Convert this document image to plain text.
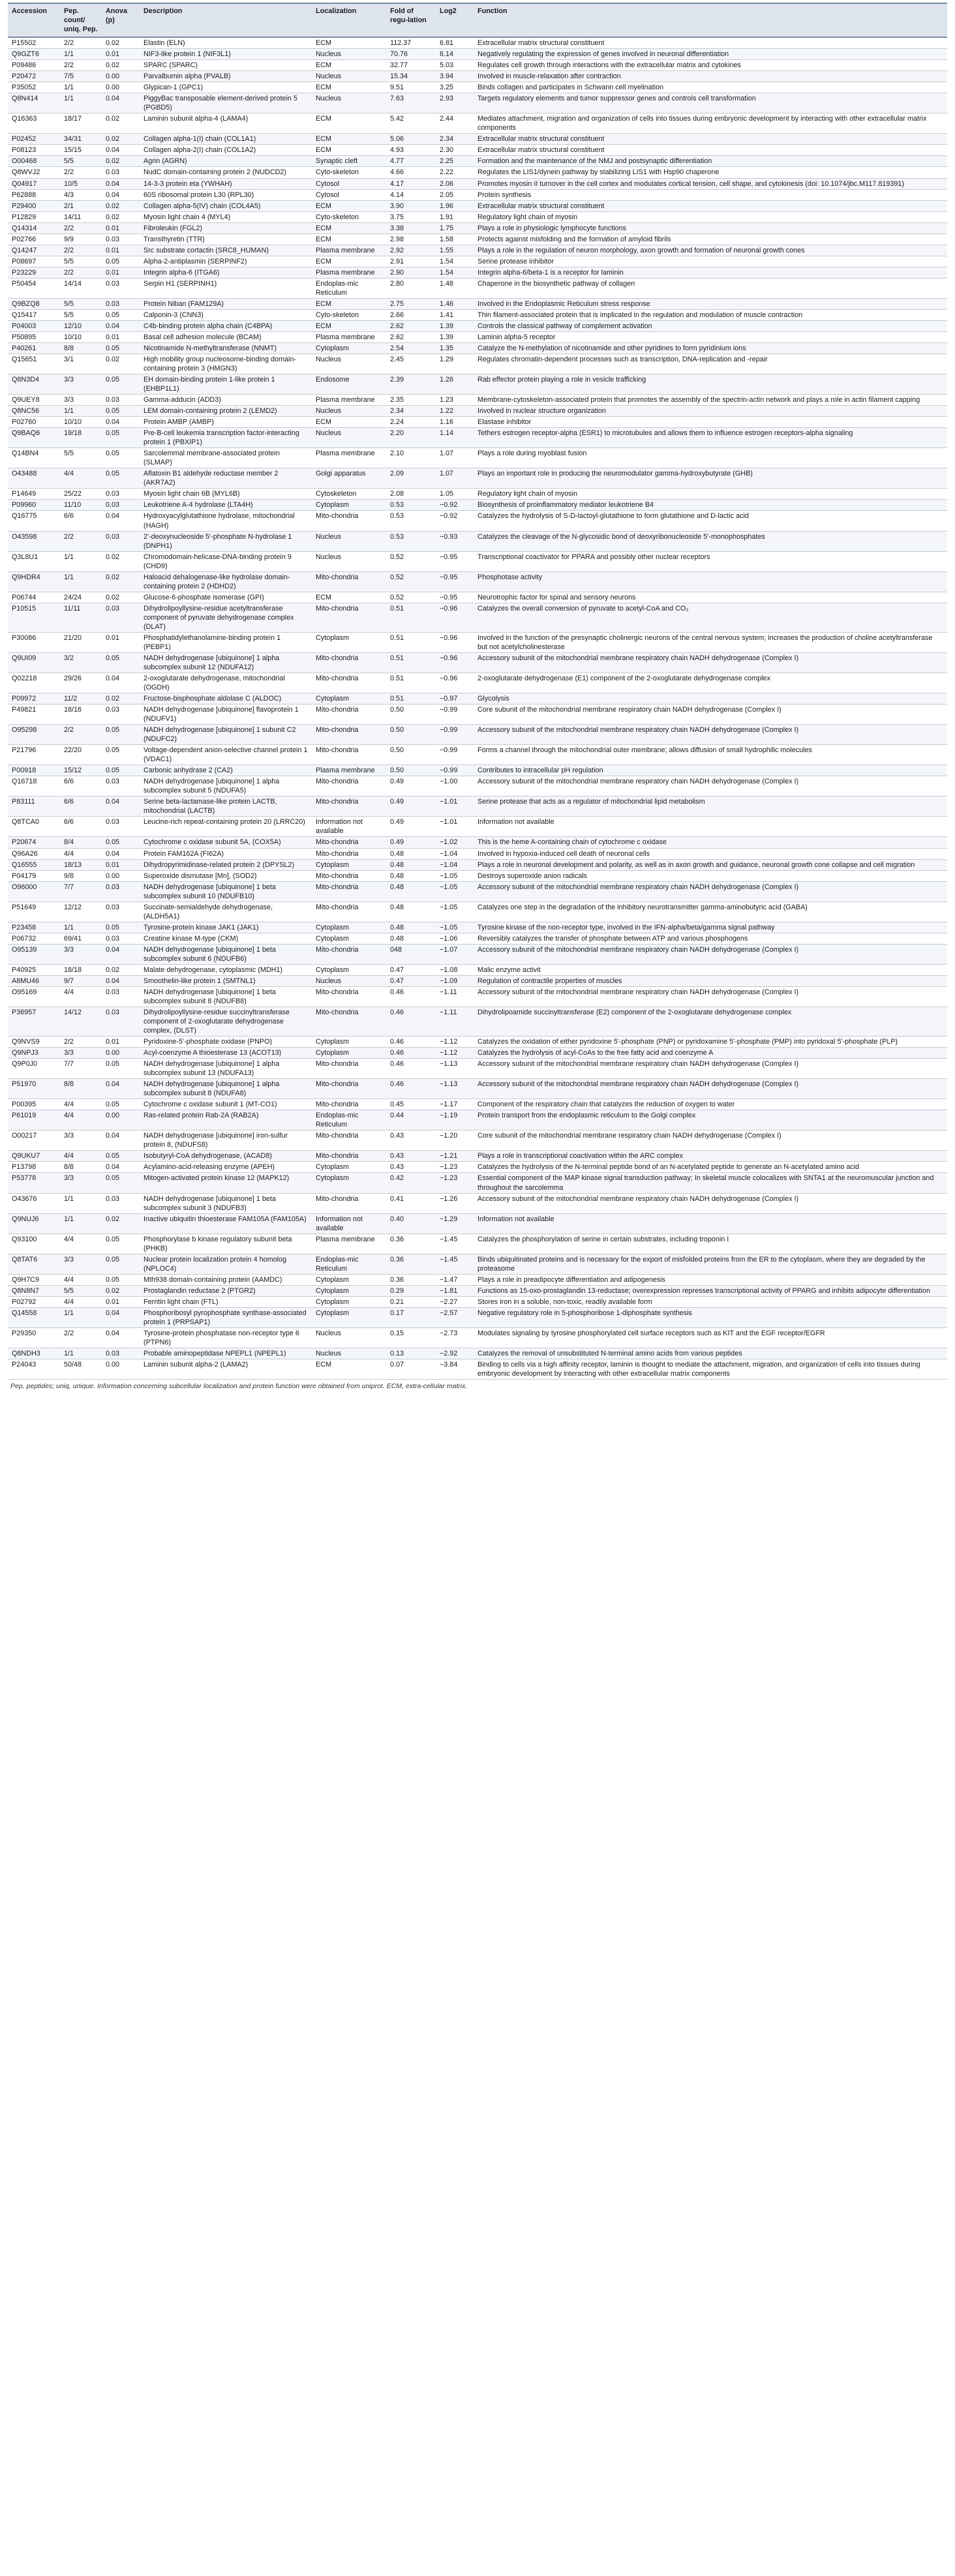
Accession	Pep. count/ uniq. Pep.	Anova (p)	Description	Localization	Fold of regu-lation	Log2	Function
P15502	2/2	0.02	Elastin (ELN)	ECM	112.37	6.81	Extracellular matrix structural constituent
Q9GZT6	1/1	0.01	NIF3-like protein 1 (NIF3L1)	Nucleus	70.76	6.14	Negatively regulating the expression of genes involved in neuronal differentiation
P09486	2/2	0.02	SPARC (SPARC)	ECM	32.77	5.03	Regulates cell growth through interactions with the extracellular matrix and cytokines
P20472	7/5	0.00	Parvalbumin alpha (PVALB)	Nucleus	15.34	3.94	Involved in muscle-relaxation after contraction
P35052	1/1	0.00	Glypican-1 (GPC1)	ECM	9.51	3.25	Binds collagen and participates in Schwann cell myelination
Q8N414	1/1	0.04	PiggyBac transposable element-derived protein 5 (PGBD5)	Nucleus	7.63	2.93	Targets regulatory elements and tumor suppressor genes and controls cell transformation
Q16363	18/17	0.02	Laminin subunit alpha-4 (LAMA4)	ECM	5.42	2.44	Mediates attachment, migration and organization of cells into tissues during embryonic development by interacting with other extracellular matrix components
P02452	34/31	0.02	Collagen alpha-1(I) chain (COL1A1)	ECM	5.06	2.34	Extracellular matrix structural constituent
P08123	15/15	0.04	Collagen alpha-2(I) chain (COL1A2)	ECM	4.93	2.30	Extracellular matrix structural constituent
O00468	5/5	0.02	Agrin (AGRN)	Synaptic cleft	4.77	2.25	Formation and the maintenance of the NMJ and postsynaptic differentiation
Q8WVJ2	2/2	0.03	NudC domain-containing protein 2 (NUDCD2)	Cyto-skeleton	4.66	2.22	Regulates the LIS1/dynein pathway by stabilizing LIS1 with Hsp90 chaperone
Q04917	10/5	0.04	14-3-3 protein eta (YWHAH)	Cytosol	4.17	2.06	Promotes myosin II turnover in the cell cortex and modulates cortical tension, cell shape, and cytokinesis (doi: 10.1074/jbc.M117.819391)
P62888	4/3	0.04	60S ribosomal protein L30 (RPL30)	Cytosol	4.14	2.05	Protein synthesis
P29400	2/1	0.02	Collagen alpha-5(IV) chain (COL4A5)	ECM	3.90	1.96	Extracellular matrix structural constituent
P12829	14/11	0.02	Myosin light chain 4 (MYL4)	Cyto-skeleton	3.75	1.91	Regulatory light chain of myosin
Q14314	2/2	0.01	Fibroleukin (FGL2)	ECM	3.38	1.75	Plays a role in physiologic lymphocyte functions
P02766	9/9	0.03	Transthyretin (TTR)	ECM	2.98	1.58	Protects against misfolding and the formation of amyloid fibrils
Q14247	2/2	0.01	Src substrate cortactin (SRC8_HUMAN)	Plasma membrane	2.92	1.55	Plays a role in the regulation of neuron morphology, axon growth and formation of neuronal growth cones
P08697	5/5	0.05	Alpha-2-antiplasmin (SERPINF2)	ECM	2.91	1.54	Serine protease inhibitor
P23229	2/2	0.01	Integrin alpha-6 (ITGA6)	Plasma membrane	2.90	1.54	Integrin alpha-6/beta-1 is a receptor for laminin
P50454	14/14	0.03	Serpin H1 (SERPINH1)	Endoplas-mic Reticulum	2.80	1.48	Chaperone in the biosynthetic pathway of collagen
Q9BZQ8	5/5	0.03	Protein Niban (FAM129A)	ECM	2.75	1.46	Involved in the Endoplasmic Reticulum stress response
Q15417	5/5	0.05	Calponin-3 (CNN3)	Cyto-skeleton	2.66	1.41	Thin filament-associated protein that is implicated in the regulation and modulation of muscle contraction
P04003	12/10	0.04	C4b-binding protein alpha chain (C4BPA)	ECM	2.62	1.39	Controls the classical pathway of complement activation
P50895	10/10	0.01	Basal cell adhesion molecule (BCAM)	Plasma membrane	2.62	1.39	Laminin alpha-5 receptor
P40261	8/8	0.05	Nicotinamide N-methyltransferase (NNMT)	Cytoplasm	2.54	1.35	Catalyze the N-methylation of nicotinamide and other pyridines to form pyridinium ions
Q15651	3/1	0.02	High mobility group nucleosome-binding domain-containing protein 3 (HMGN3)	Nucleus	2.45	1.29	Regulates chromatin-dependent processes such as transcription, DNA-replication and -repair
Q8N3D4	3/3	0.05	EH domain-binding protein 1-like protein 1 (EHBP1L1)	Endosome	2.39	1.26	Rab effector protein playing a role in vesicle trafficking
Q9UEY8	3/3	0.03	Gamma-adducin (ADD3)	Plasma membrane	2.35	1.23	Membrane-cytoskeleton-associated protein that promotes the assembly of the spectrin-actin network and plays a role in actin filament capping
Q8NC56	1/1	0.05	LEM domain-containing protein 2 (LEMD2)	Nucleus	2.34	1.22	Involved in nuclear structure organization
P02760	10/10	0.04	Protein AMBP (AMBP)	ECM	2.24	1.16	Elastase inhibitor
Q9BAQ6	19/18	0.05	Pre-B-cell leukemia transcription factor-interacting protein 1 (PBXIP1)	Nucleus	2.20	1.14	Tethers estrogen receptor-alpha (ESR1) to microtubules and allows them to influence estrogen receptors-alpha signaling
Q14BN4	5/5	0.05	Sarcolemmal membrane-associated protein (SLMAP)	Plasma membrane	2.10	1.07	Plays a role during myoblast fusion
O43488	4/4	0.05	Aflatoxin B1 aldehyde reductase member 2 (AKR7A2)	Golgi apparatus	2.09	1.07	Plays an important role in producing the neuromodulator gamma-hydroxybutyrate (GHB)
P14649	25/22	0.03	Myosin light chain 6B (MYL6B)	Cytoskeleton	2.08	1.05	Regulatory light chain of myosin
P09960	11/10	0.03	Leukotriene A-4 hydrolase (LTA4H)	Cytoplasm	0.53	−0.92	Biosynthesis of proinflammatory mediator leukotriene B4
Q16775	6/6	0.04	Hydroxyacylglutathione hydrolase, mitochondrial (HAGH)	Mito-chondria	0.53	−0.92	Catalyzes the hydrolysis of S-D-lactoyl-glutathione to form glutathione and D-lactic acid
O43598	2/2	0.03	2'-deoxynucleoside 5'-phosphate N-hydrolase 1 (DNPH1)	Nucleus	0.53	−0.93	Catalyzes the cleavage of the N-glycosidic bond of deoxyribonucleoside 5'-monophosphates
Q3L8U1	1/1	0.02	Chromodomain-helicase-DNA-binding protein 9 (CHD9)	Nucleus	0.52	−0.95	Transcriptional coactivator for PPARA and possibly other nuclear receptors
Q9HDR4	1/1	0.02	Haloacid dehalogenase-like hydrolase domain-containing protein 2 (HDHD2)	Mito-chondria	0.52	−0.95	Phosphotase activity
P06744	24/24	0.02	Glucose-6-phosphate isomerase (GPI)	ECM	0.52	−0.95	Neurotrophic factor for spinal and sensory neurons
P10515	11/11	0.03	Dihydrolipoyllysine-residue acetyltransferase component of pyruvate dehydrogenase complex (DLAT)	Mito-chondria	0.51	−0.96	Catalyzes the overall conversion of pyruvate to acetyl-CoA and CO₂
P30086	21/20	0.01	Phosphatidylethanolamine-binding protein 1 (PEBP1)	Cytoplasm	0.51	−0.96	Involved in the function of the presynaptic cholinergic neurons of the central nervous system; increases the production of choline acetyltransferase but not acetylcholinesterase
Q9UI09	3/2	0.05	NADH dehydrogenase [ubiquinone] 1 alpha subcomplex subunit 12 (NDUFA12)	Mito-chondria	0.51	−0.96	Accessory subunit of the mitochondrial membrane respiratory chain NADH dehydrogenase (Complex I)
Q02218	29/26	0.04	2-oxoglutarate dehydrogenase, mitochondrial (OGDH)	Mito-chondria	0.51	−0.96	2-oxoglutarate dehydrogenase (E1) component of the 2-oxoglutarate dehydrogenase complex
P09972	11/2	0.02	Fructose-bisphosphate aldolase C (ALDOC)	Cytoplasm	0.51	−0.97	Glycolysis
P49821	18/16	0.03	NADH dehydrogenase [ubiquinone] flavoprotein 1 (NDUFV1)	Mito-chondria	0.50	−0.99	Core subunit of the mitochondrial membrane respiratory chain NADH dehydrogenase (Complex I)
O95298	2/2	0.05	NADH dehydrogenase [ubiquinone] 1 subunit C2 (NDUFC2)	Mito-chondria	0.50	−0.99	Accessory subunit of the mitochondrial membrane respiratory chain NADH dehydrogenase (Complex I)
P21796	22/20	0.05	Voltage-dependent anion-selective channel protein 1 (VDAC1)	Mito-chondria	0.50	−0.99	Forms a channel through the mitochondrial outer membrane; allows diffusion of small hydrophilic molecules
P00918	15/12	0.05	Carbonic anhydrase 2 (CA2)	Plasma membrane	0.50	−0.99	Contributes to intracellular pH regulation
Q16718	6/6	0.03	NADH dehydrogenase [ubiquinone] 1 alpha subcomplex subunit 5 (NDUFA5)	Mito-chondria	0.49	−1.00	Accessory subunit of the mitochondrial membrane respiratory chain NADH dehydrogenase (Complex I)
P83111	6/6	0.04	Serine beta-lactamase-like protein LACTB, mitochondrial (LACTB)	Mito-chondria	0.49	−1.01	Serine protease that acts as a regulator of mitochondrial lipid metabolism
Q8TCA0	6/6	0.03	Leucine-rich repeat-containing protein 20 (LRRC20)	Information not available	0.49	−1.01	Information not available
P20674	8/4	0.05	Cytochrome c oxidase subunit 5A, (COX5A)	Mito-chondria	0.49	−1.02	This is the heme A-containing chain of cytochrome c oxidase
Q96A26	4/4	0.04	Protein FAM162A (FI62A)	Mito-chondria	0.48	−1.04	Involved in hypoxia-induced cell death of neuronal cells
Q16555	18/13	0.01	Dihydropyrimidinase-related protein 2 (DPYSL2)	Cytoplasm	0.48	−1.04	Plays a role in neuronal development and polarity, as well as in axon growth and guidance, neuronal growth cone collapse and cell migration
P04179	9/8	0.00	Superoxide dismutase [Mn], (SOD2)	Mito-chondria	0.48	−1.05	Destroys superoxide anion radicals
O96000	7/7	0.03	NADH dehydrogenase [ubiquinone] 1 beta subcomplex subunit 10 (NDUFB10)	Mito-chondria	0.48	−1.05	Accessory subunit of the mitochondrial membrane respiratory chain NADH dehydrogenase (Complex I)
P51649	12/12	0.03	Succinate-semialdehyde dehydrogenase, (ALDH5A1)	Mito-chondria	0.48	−1.05	Catalyzes one step in the degradation of the inhibitory neurotransmitter gamma-aminobutyric acid (GABA)
P23458	1/1	0.05	Tyrosine-protein kinase JAK1 (JAK1)	Cytoplasm	0.48	−1.05	Tyrosine kinase of the non-receptor type, involved in the IFN-alpha/beta/gamma signal pathway
P06732	69/41	0.03	Creatine kinase M-type (CKM)	Cytoplasm	0.48	−1.06	Reversibly catalyzes the transfer of phosphate between ATP and various phosphogens
O95139	3/3	0.04	NADH dehydrogenase [ubiquinone] 1 beta subcomplex subunit 6 (NDUFB6)	Mito-chondria	048	−1.07	Accessory subunit of the mitochondrial membrane respiratory chain NADH dehydrogenase (Complex I)
P40925	18/18	0.02	Malate dehydrogenase, cytoplasmic (MDH1)	Cytoplasm	0.47	−1.08	Malic enzyme activit
A8MU46	9/7	0.04	Smoothelin-like protein 1 (SMTNL1)	Nucleus	0.47	−1.09	Regulation of contractile properties of muscles
O95169	4/4	0.03	NADH dehydrogenase [ubiquinone] 1 beta subcomplex subunit 8 (NDUFB8)	Mito-chondria	0.46	−1.11	Accessory subunit of the mitochondrial membrane respiratory chain NADH dehydrogenase (Complex I)
P36957	14/12	0.03	Dihydrolipoyllysine-residue succinyltransferase component of 2-oxoglutarate dehydrogenase complex, (DLST)	Mito-chondria	0.46	−1.11	Dihydrolipoamide succinyltransferase (E2) component of the 2-oxoglutarate dehydrogenase complex
Q9NVS9	2/2	0.01	Pyridoxine-5'-phosphate oxidase (PNPO)	Cytoplasm	0.46	−1.12	Catalyzes the oxidation of either pyridoxine 5'-phosphate (PNP) or pyridoxamine 5'-phosphate (PMP) into pyridoxal 5'-phosphate (PLP)
Q9NPJ3	3/3	0.00	Acyl-coenzyme A thioesterase 13 (ACOT13)	Cytoplasm	0.46	−1.12	Catalyzes the hydrolysis of acyl-CoAs to the free fatty acid and coenzyme A
Q9P0J0	7/7	0.05	NADH dehydrogenase [ubiquinone] 1 alpha subcomplex subunit 13 (NDUFA13)	Mito-chondria	0.46	−1.13	Accessory subunit of the mitochondrial membrane respiratory chain NADH dehydrogenase (Complex I)
P51970	8/8	0.04	NADH dehydrogenase [ubiquinone] 1 alpha subcomplex subunit 8 (NDUFA8)	Mito-chondria	0.46	−1.13	Accessory subunit of the mitochondrial membrane respiratory chain NADH dehydrogenase (Complex I)
P00395	4/4	0.05	Cytochrome c oxidase subunit 1 (MT-CO1)	Mito-chondria	0.45	−1.17	Component of the respiratory chain that catalyzes the reduction of oxygen to water
P61019	4/4	0.00	Ras-related protein Rab-2A (RAB2A)	Endoplas-mic Reticulum	0.44	−1.19	Protein transport from the endoplasmic reticulum to the Golgi complex
O00217	3/3	0.04	NADH dehydrogenase [ubiquinone] iron-sulfur protein 8, (NDUFS8)	Mito-chondria	0.43	−1.20	Core subunit of the mitochondrial membrane respiratory chain NADH dehydrogenase (Complex I)
Q9UKU7	4/4	0.05	Isobutyryl-CoA dehydrogenase, (ACAD8)	Mito-chondria	0.43	−1.21	Plays a role in transcriptional coactivation within the ARC complex
P13798	8/8	0.04	Acylamino-acid-releasing enzyme (APEH)	Cytoplasm	0.43	−1.23	Catalyzes the hydrolysis of the N-terminal peptide bond of an N-acetylated peptide to generate an N-acetylated amino acid
P53778	3/3	0.05	Mitogen-activated protein kinase 12 (MAPK12)	Cytoplasm	0.42	−1.23	Essential component of the MAP kinase signal transduction pathway; In skeletal muscle colocalizes with SNTA1 at the neuromuscular junction and throughout the sarcolemma
O43676	1/1	0.03	NADH dehydrogenase [ubiquinone] 1 beta subcomplex subunit 3 (NDUFB3)	Mito-chondria	0.41	−1.26	Accessory subunit of the mitochondrial membrane respiratory chain NADH dehydrogenase (Complex I)
Q9NUJ6	1/1	0.02	Inactive ubiquitin thioesterase FAM105A (FAM105A)	Information not available	0.40	−1.29	Information not available
Q93100	4/4	0.05	Phosphorylase b kinase regulatory subunit beta (PHKB)	Plasma membrane	0.36	−1.45	Catalyzes the phosphorylation of serine in certain substrates, including troponin I
Q8TAT6	3/3	0.05	Nuclear protein localization protein 4 homolog (NPLOC4)	Endoplas-mic Reticulum	0.36	−1.45	Binds ubiquitinated proteins and is necessary for the export of misfolded proteins from the ER to the cytoplasm, where they are degraded by the proteasome
Q9H7C9	4/4	0.05	Mth938 domain-containing protein (AAMDC)	Cytoplasm	0.36	−1.47	Plays a role in preadipocyte differentiation and adipogenesis
Q8N8N7	5/5	0.02	Prostaglandin reductase 2 (PTGR2)	Cytoplasm	0.29	−1.81	Functions as 15-oxo-prostaglandin 13-reductase; overexpression represses transcriptional activity of PPARG and inhibits adipocyte differentiation
P02792	4/4	0.01	Ferritin light chain (FTL)	Cytoplasm	0.21	−2.27	Stores iron in a soluble, non-toxic, readily available form
Q14558	1/1	0.04	Phosphoribosyl pyrophosphate synthase-associated protein 1 (PRPSAP1)	Cytoplasm	0.17	−2.57	Negative regulatory role in 5-phosphoribose 1-diphosphate synthesis
P29350	2/2	0.04	Tyrosine-protein phosphatase non-receptor type 6 (PTPN6)	Nucleus	0.15	−2.73	Modulates signaling by tyrosine phosphorylated cell surface receptors such as KIT and the EGF receptor/EGFR
Q8NDH3	1/1	0.03	Probable aminopeptidase NPEPL1 (NPEPL1)	Nucleus	0.13	−2.92	Catalyzes the removal of unsubstituted N-terminal amino acids from various peptides
P24043	50/48	0.00	Laminin subunit alpha-2 (LAMA2)	ECM	0.07	−3.84	Binding to cells via a high affinity receptor, laminin is thought to mediate the attachment, migration, and organization of cells into tissues during embryonic development by interacting with other extracellular matrix components
Pep, peptides; uniq, unique. Information concerning subcellular localization and protein function were obtained from uniprot. ECM, extra-cellular matrix.
